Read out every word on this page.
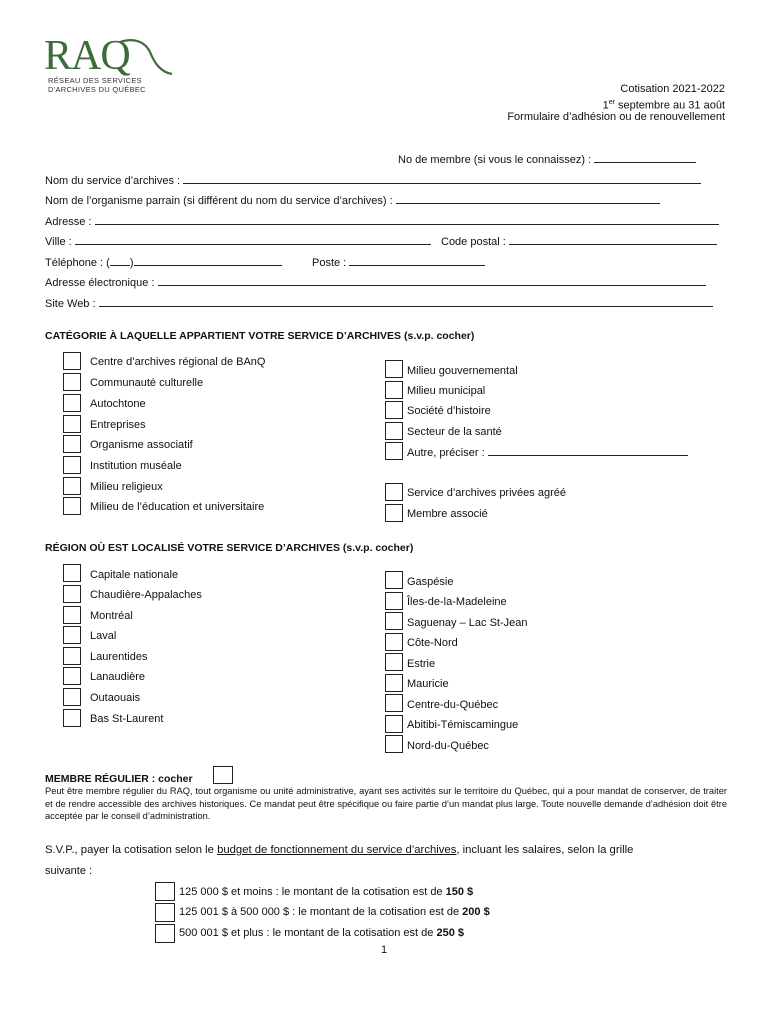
RAQ
RÉSEAU DES SERVICES
D'ARCHIVES DU QUÉBEC	Cotisation 2021-2022
1er septembre au 31 août
Formulaire d’adhésion ou de renouvellement
No de membre (si vous le connaissez) :
Nom du service d’archives :
Nom de l’organisme parrain (si différent du nom du service d’archives) :
Adresse :
Ville :	Code postal :
Téléphone : ( )	Poste :
Adresse électronique :
Site Web :
CATÉGORIE À LAQUELLE APPARTIENT VOTRE SERVICE D’ARCHIVES (s.v.p. cocher)
Centre d’archives régional de BAnQ
Communauté culturelle
Autochtone
Entreprises
Organisme associatif
Institution muséale
Milieu religieux
Milieu de l’éducation et universitaire
Milieu gouvernemental
Milieu municipal
Société d’histoire
Secteur de la santé
Autre, préciser :
Service d’archives privées agréé
Membre associé
RÉGION OÙ EST LOCALISÉ VOTRE SERVICE D’ARCHIVES (s.v.p. cocher)
Capitale nationale
Chaudière-Appalaches
Montréal
Laval
Laurentides
Lanaudière
Outaouais
Bas St-Laurent
Gaspésie
Îles-de-la-Madeleine
Saguenay – Lac St-Jean
Côte-Nord
Estrie
Mauricie
Centre-du-Québec
Abitibi-Témiscamingue
Nord-du-Québec
MEMBRE RÉGULIER : cocher
Peut être membre régulier du RAQ, tout organisme ou unité administrative, ayant ses activités sur le territoire du Québec, qui a pour mandat de conserver, de traiter et de rendre accessible des archives historiques. Ce mandat peut être spécifique ou faire partie d’un mandat plus large. Toute nouvelle demande d’adhésion doit être acceptée par le conseil d’administration.
S.V.P., payer la cotisation selon le budget de fonctionnement du service d’archives, incluant les salaires, selon la grille
suivante :
125 000 $ et moins : le montant de la cotisation est de 150 $
125 001 $ à 500 000 $ : le montant de la cotisation est de 200 $
500 001 $ et plus : le montant de la cotisation est de 250 $
1
